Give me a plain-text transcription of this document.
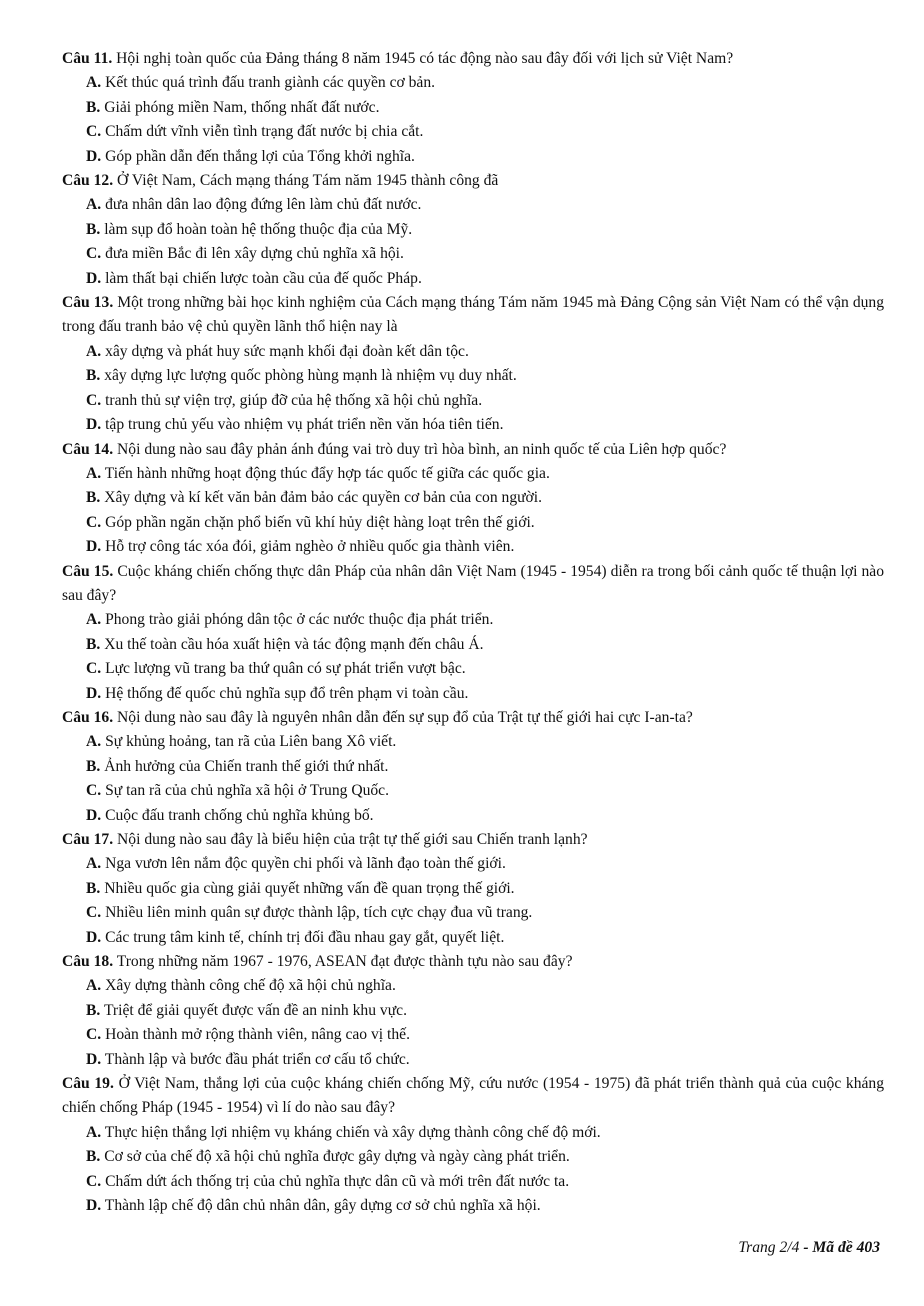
Câu 11. Hội nghị toàn quốc của Đảng tháng 8 năm 1945 có tác động nào sau đây đối với lịch sử Việt Nam?

A. Kết thúc quá trình đấu tranh giành các quyền cơ bản.
B. Giải phóng miền Nam, thống nhất đất nước.
C. Chấm dứt vĩnh viễn tình trạng đất nước bị chia cắt.
D. Góp phần dẫn đến thắng lợi của Tổng khởi nghĩa.

Câu 12. Ở Việt Nam, Cách mạng tháng Tám năm 1945 thành công đã

A. đưa nhân dân lao động đứng lên làm chủ đất nước.
B. làm sụp đổ hoàn toàn hệ thống thuộc địa của Mỹ.
C. đưa miền Bắc đi lên xây dựng chủ nghĩa xã hội.
D. làm thất bại chiến lược toàn cầu của đế quốc Pháp.

Câu 13. Một trong những bài học kinh nghiệm của Cách mạng tháng Tám năm 1945 mà Đảng Cộng sản Việt Nam có thể vận dụng trong đấu tranh bảo vệ chủ quyền lãnh thổ hiện nay là

A. xây dựng và phát huy sức mạnh khối đại đoàn kết dân tộc.
B. xây dựng lực lượng quốc phòng hùng mạnh là nhiệm vụ duy nhất.
C. tranh thủ sự viện trợ, giúp đỡ của hệ thống xã hội chủ nghĩa.
D. tập trung chủ yếu vào nhiệm vụ phát triển nền văn hóa tiên tiến.

Câu 14. Nội dung nào sau đây phản ánh đúng vai trò duy trì hòa bình, an ninh quốc tế của Liên hợp quốc?

A. Tiến hành những hoạt động thúc đẩy hợp tác quốc tế giữa các quốc gia.
B. Xây dựng và kí kết văn bản đảm bảo các quyền cơ bản của con người.
C. Góp phần ngăn chặn phổ biến vũ khí hủy diệt hàng loạt trên thế giới.
D. Hỗ trợ công tác xóa đói, giảm nghèo ở nhiều quốc gia thành viên.

Câu 15. Cuộc kháng chiến chống thực dân Pháp của nhân dân Việt Nam (1945 - 1954) diễn ra trong bối cảnh quốc tế thuận lợi nào sau đây?

A. Phong trào giải phóng dân tộc ở các nước thuộc địa phát triển.
B. Xu thế toàn cầu hóa xuất hiện và tác động mạnh đến châu Á.
C. Lực lượng vũ trang ba thứ quân có sự phát triển vượt bậc.
D. Hệ thống đế quốc chủ nghĩa sụp đổ trên phạm vi toàn cầu.

Câu 16. Nội dung nào sau đây là nguyên nhân dẫn đến sự sụp đổ của Trật tự thế giới hai cực I-an-ta?

A. Sự khủng hoảng, tan rã của Liên bang Xô viết.
B. Ảnh hưởng của Chiến tranh thế giới thứ nhất.
C. Sự tan rã của chủ nghĩa xã hội ở Trung Quốc.
D. Cuộc đấu tranh chống chủ nghĩa khủng bố.

Câu 17. Nội dung nào sau đây là biểu hiện của trật tự thế giới sau Chiến tranh lạnh?

A. Nga vươn lên nắm độc quyền chi phối và lãnh đạo toàn thế giới.
B. Nhiều quốc gia cùng giải quyết những vấn đề quan trọng thế giới.
C. Nhiều liên minh quân sự được thành lập, tích cực chạy đua vũ trang.
D. Các trung tâm kinh tế, chính trị đối đầu nhau gay gắt, quyết liệt.

Câu 18. Trong những năm 1967 - 1976, ASEAN đạt được thành tựu nào sau đây?

A. Xây dựng thành công chế độ xã hội chủ nghĩa.
B. Triệt để giải quyết được vấn đề an ninh khu vực.
C. Hoàn thành mở rộng thành viên, nâng cao vị thế.
D. Thành lập và bước đầu phát triển cơ cấu tổ chức.

Câu 19. Ở Việt Nam, thắng lợi của cuộc kháng chiến chống Mỹ, cứu nước (1954 - 1975) đã phát triển thành quả của cuộc kháng chiến chống Pháp (1945 - 1954) vì lí do nào sau đây?

A. Thực hiện thắng lợi nhiệm vụ kháng chiến và xây dựng thành công chế độ mới.
B. Cơ sở của chế độ xã hội chủ nghĩa được gây dựng và ngày càng phát triển.
C. Chấm dứt ách thống trị của chủ nghĩa thực dân cũ và mới trên đất nước ta.
D. Thành lập chế độ dân chủ nhân dân, gây dựng cơ sở chủ nghĩa xã hội.
Trang 2/4 - Mã đề 403
